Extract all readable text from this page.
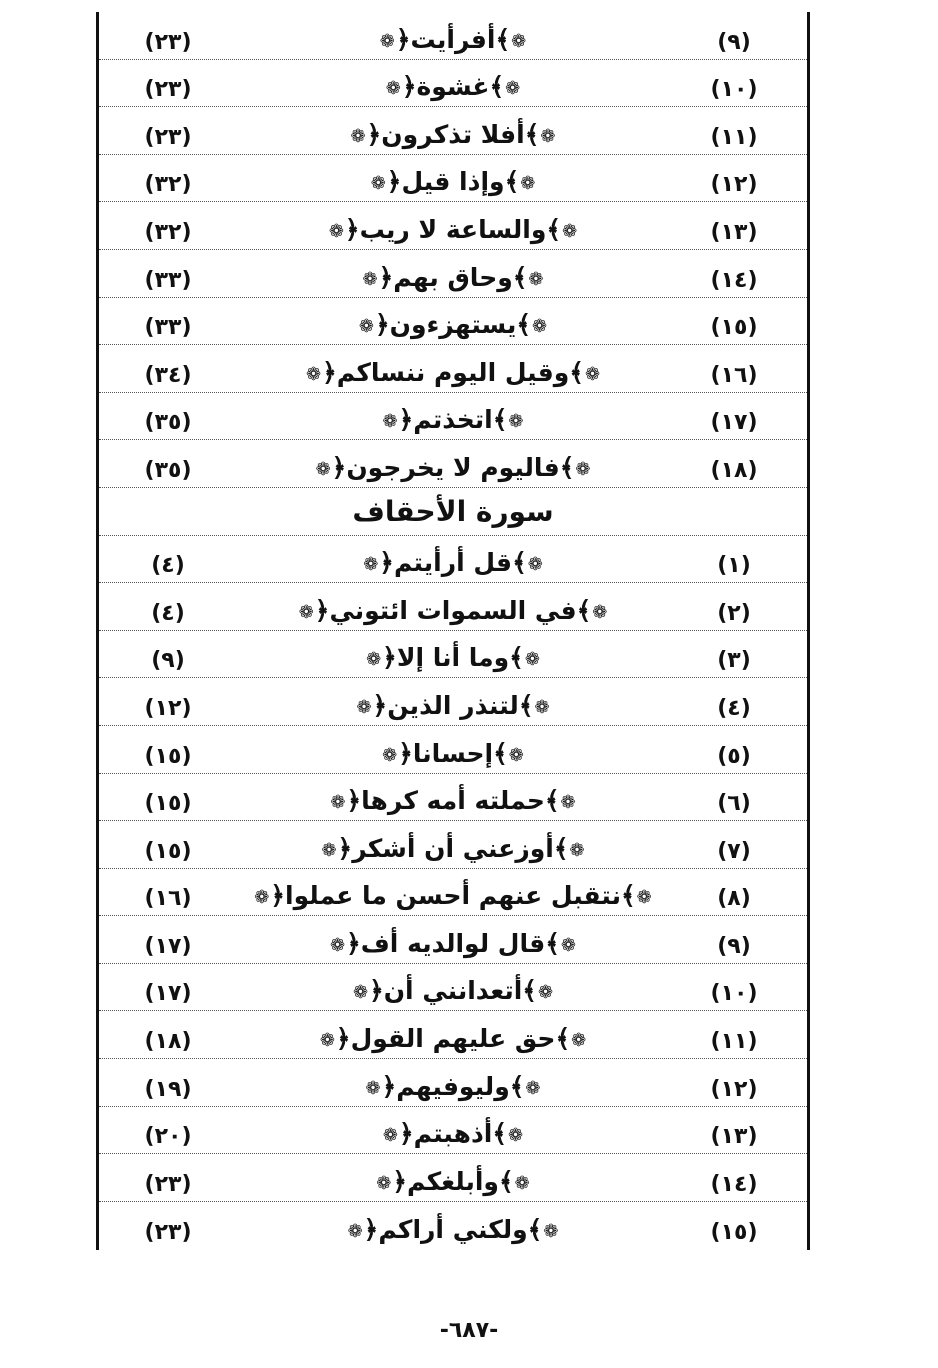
(٩)
❁
﴾
أفرأيت
﴿
❁
(٢٣)
(١٠)
❁
﴾
غشوة
﴿
❁
(٢٣)
(١١)
❁
﴾
أفلا تذكرون
﴿
❁
(٢٣)
(١٢)
❁
﴾
وإذا قيل
﴿
❁
(٣٢)
(١٣)
❁
﴾
والساعة لا ريب
﴿
❁
(٣٢)
(١٤)
❁
﴾
وحاق بهم
﴿
❁
(٣٣)
(١٥)
❁
﴾
يستهزءون
﴿
❁
(٣٣)
(١٦)
❁
﴾
وقيل اليوم ننساكم
﴿
❁
(٣٤)
(١٧)
❁
﴾
اتخذتم
﴿
❁
(٣٥)
(١٨)
❁
﴾
فاليوم لا يخرجون
﴿
❁
(٣٥)
سورة الأحقاف
(١)
❁
﴾
قل أرأيتم
﴿
❁
(٤)
(٢)
❁
﴾
في السموات ائتوني
﴿
❁
(٤)
(٣)
❁
﴾
وما أنا إلا
﴿
❁
(٩)
(٤)
❁
﴾
لتنذر الذين
﴿
❁
(١٢)
(٥)
❁
﴾
إحسانا
﴿
❁
(١٥)
(٦)
❁
﴾
حملته أمه كرها
﴿
❁
(١٥)
(٧)
❁
﴾
أوزعني أن أشكر
﴿
❁
(١٥)
(٨)
❁
﴾
نتقبل عنهم أحسن ما عملوا
﴿
❁
(١٦)
(٩)
❁
﴾
قال لوالديه أف
﴿
❁
(١٧)
(١٠)
❁
﴾
أتعدانني أن
﴿
❁
(١٧)
(١١)
❁
﴾
حق عليهم القول
﴿
❁
(١٨)
(١٢)
❁
﴾
وليوفيهم
﴿
❁
(١٩)
(١٣)
❁
﴾
أذهبتم
﴿
❁
(٢٠)
(١٤)
❁
﴾
وأبلغكم
﴿
❁
(٢٣)
(١٥)
❁
﴾
ولكني أراكم
﴿
❁
(٢٣)
-٦٨٧-
